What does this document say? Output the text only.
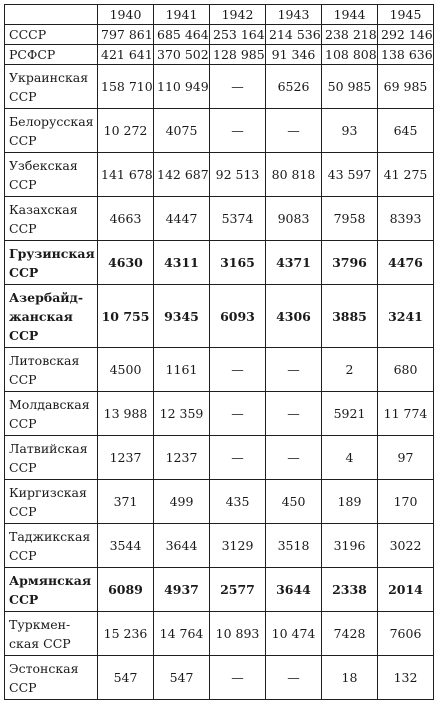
	1940	1941	1942	1943	1944	1945
СССР	797 861	685 464	253 164	214 536	238 218	292 146
РСФСР	421 641	370 502	128 985	91 346	108 808	138 636
Украинская ССР	158 710	110 949	—	6526	50 985	69 985
Белорусская ССР	10 272	4075	—	—	93	645
Узбекская ССР	141 678	142 687	92 513	80 818	43 597	41 275
Казахская ССР	4663	4447	5374	9083	7958	8393
Грузинская ССР	4630	4311	3165	4371	3796	4476
Азербайд-жанская ССР	10 755	9345	6093	4306	3885	3241
Литовская ССР	4500	1161	—	—	2	680
Молдавская ССР	13 988	12 359	—	—	5921	11 774
Латвийская ССР	1237	1237	—	—	4	97
Киргизская ССР	371	499	435	450	189	170
Таджикская ССР	3544	3644	3129	3518	3196	3022
Армянская ССР	6089	4937	2577	3644	2338	2014
Туркмен-ская ССР	15 236	14 764	10 893	10 474	7428	7606
Эстонская ССР	547	547	—	—	18	132
